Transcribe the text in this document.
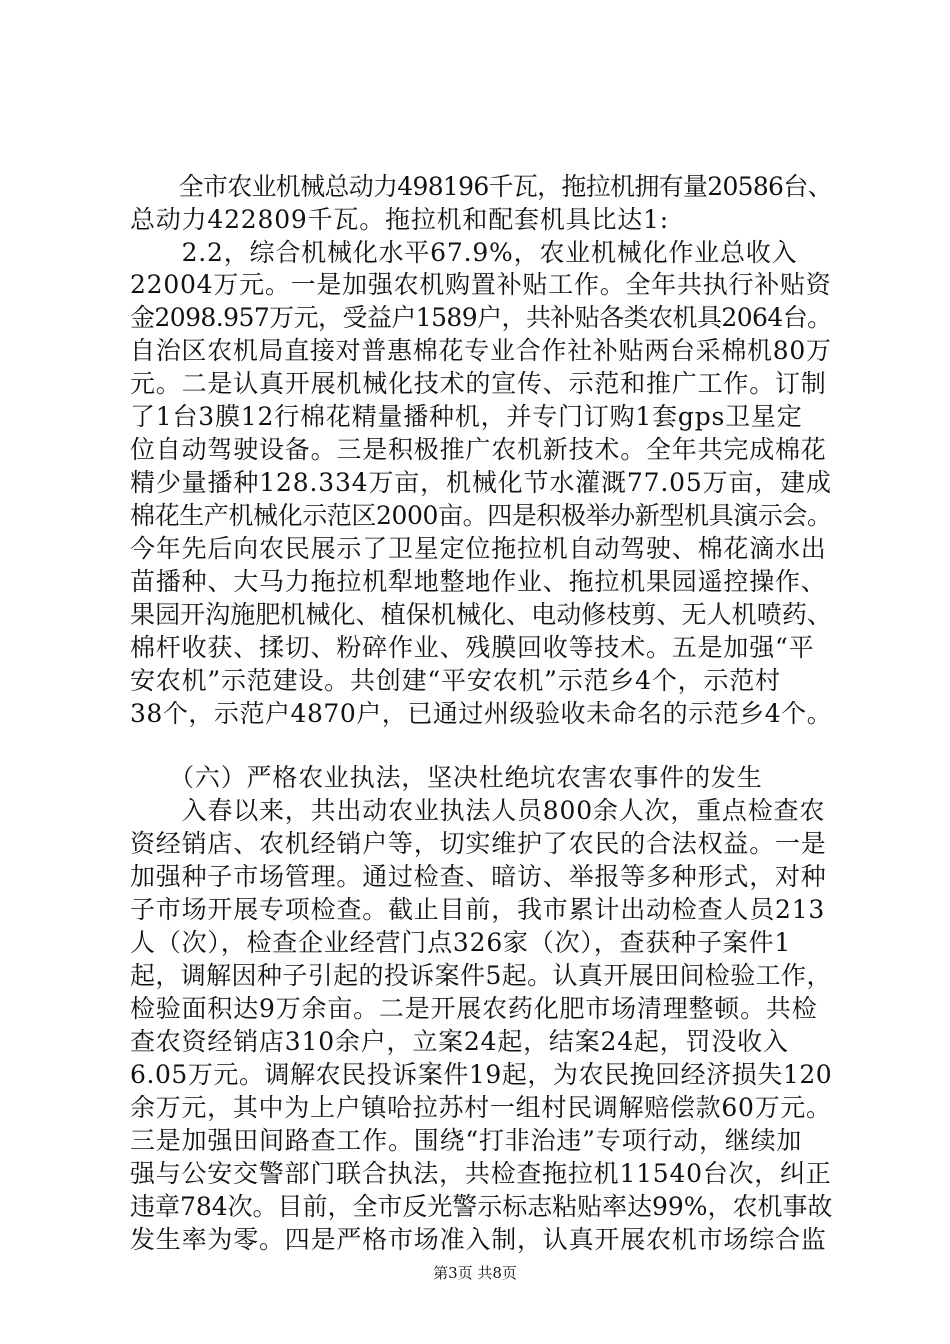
　　全市农业机械总动力498196千瓦，拖拉机拥有量20586台、
总动力422809千瓦。拖拉机和配套机具比达1:
　　2.2，综合机械化水平67.9%，农业机械化作业总收入
22004万元。一是加强农机购置补贴工作。全年共执行补贴资
金2098.957万元，受益户1589户，共补贴各类农机具2064台。
自治区农机局直接对普惠棉花专业合作社补贴两台采棉机80万
元。二是认真开展机械化技术的宣传、示范和推广工作。订制
了1台3膜12行棉花精量播种机，并专门订购1套gps卫星定
位自动驾驶设备。三是积极推广农机新技术。全年共完成棉花
精少量播种128.334万亩，机械化节水灌溉77.05万亩，建成
棉花生产机械化示范区2000亩。四是积极举办新型机具演示会。
今年先后向农民展示了卫星定位拖拉机自动驾驶、棉花滴水出
苗播种、大马力拖拉机犁地整地作业、拖拉机果园遥控操作、
果园开沟施肥机械化、植保机械化、电动修枝剪、无人机喷药、
棉杆收获、揉切、粉碎作业、残膜回收等技术。五是加强“平
安农机”示范建设。共创建“平安农机”示范乡4个，示范村
38个，示范户4870户，已通过州级验收未命名的示范乡4个。
　　（六）严格农业执法，坚决杜绝坑农害农事件的发生
　　入春以来，共出动农业执法人员800余人次，重点检查农
资经销店、农机经销户等，切实维护了农民的合法权益。一是
加强种子市场管理。通过检查、暗访、举报等多种形式，对种
子市场开展专项检查。截止目前，我市累计出动检查人员213
人（次），检查企业经营门点326家（次），查获种子案件1
起，调解因种子引起的投诉案件5起。认真开展田间检验工作，
检验面积达9万余亩。二是开展农药化肥市场清理整顿。共检
查农资经销店310余户，立案24起，结案24起，罚没收入
6.05万元。调解农民投诉案件19起，为农民挽回经济损失120
余万元，其中为上户镇哈拉苏村一组村民调解赔偿款60万元。
三是加强田间路查工作。围绕“打非治违”专项行动，继续加
强与公安交警部门联合执法，共检查拖拉机11540台次，纠正
违章784次。目前，全市反光警示标志粘贴率达99%，农机事故
发生率为零。四是严格市场准入制，认真开展农机市场综合监
第3页 共8页
